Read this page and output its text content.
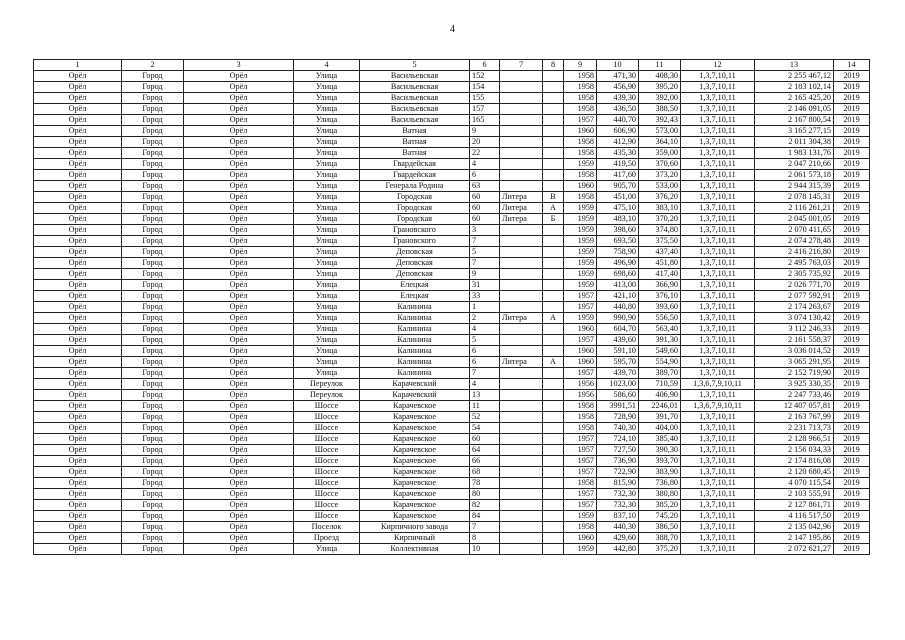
4
1	2	3	4	5	6	7	8	9	10	11	12	13	14
Орёл	Город	Орёл	Улица	Васильевская	152			1958	471,30	408,30	1,3,7,10,11	2 255 467,12	2019
Орёл	Город	Орёл	Улица	Васильевская	154			1958	456,90	395,20	1,3,7,10,11	2 183 102,14	2019
Орёл	Город	Орёл	Улица	Васильевская	155			1958	439,30	392,00	1,3,7,10,11	2 165 425,20	2019
Орёл	Город	Орёл	Улица	Васильевская	157			1958	436,50	388,50	1,3,7,10,11	2 146 091,05	2019
Орёл	Город	Орёл	Улица	Васильевская	165			1957	440,70	392,43	1,3,7,10,11	2 167 800,54	2019
Орёл	Город	Орёл	Улица	Ватная	9			1960	606,90	573,00	1,3,7,10,11	3 165 277,15	2019
Орёл	Город	Орёл	Улица	Ватная	20			1958	412,90	364,10	1,3,7,10,11	2 011 304,38	2019
Орёл	Город	Орёл	Улица	Ватная	22			1958	435,30	359,00	1,3,7,10,11	1 983 131,76	2019
Орёл	Город	Орёл	Улица	Гвардейская	4			1959	419,50	370,60	1,3,7,10,11	2 047 210,66	2019
Орёл	Город	Орёл	Улица	Гвардейская	6			1958	417,60	373,20	1,3,7,10,11	2 061 573,18	2019
Орёл	Город	Орёл	Улица	Генерала Родина	63			1960	905,70	533,00	1,3,7,10,11	2 944 315,39	2019
Орёл	Город	Орёл	Улица	Городская	60	Литера	В	1958	451,00	376,20	1,3,7,10,11	2 078 145,31	2019
Орёл	Город	Орёл	Улица	Городская	60	Литера	А	1959	475,10	383,10	1,3,7,10,11	2 116 261,21	2019
Орёл	Город	Орёл	Улица	Городская	60	Литера	Б	1959	483,10	370,20	1,3,7,10,11	2 045 001,05	2019
Орёл	Город	Орёл	Улица	Грановского	3			1959	398,60	374,80	1,3,7,10,11	2 070 411,65	2019
Орёл	Город	Орёл	Улица	Грановского	7			1959	693,50	375,50	1,3,7,10,11	2 074 278,48	2019
Орёл	Город	Орёл	Улица	Деповская	5			1959	758,90	437,40	1,3,7,10,11	2 416 216,80	2019
Орёл	Город	Орёл	Улица	Деповская	7			1959	496,90	451,80	1,3,7,10,11	2 495 763,03	2019
Орёл	Город	Орёл	Улица	Деповская	9			1959	698,60	417,40	1,3,7,10,11	2 305 735,92	2019
Орёл	Город	Орёл	Улица	Елецкая	31			1959	413,00	366,90	1,3,7,10,11	2 026 771,70	2019
Орёл	Город	Орёл	Улица	Елецкая	33			1957	421,10	376,10	1,3,7,10,11	2 077 592,91	2019
Орёл	Город	Орёл	Улица	Калинина	1			1957	440,80	393,60	1,3,7,10,11	2 174 263,67	2019
Орёл	Город	Орёл	Улица	Калинина	2	Литера	А	1959	990,90	556,50	1,3,7,10,11	3 074 130,42	2019
Орёл	Город	Орёл	Улица	Калинина	4			1960	604,70	563,40	1,3,7,10,11	3 112 246,33	2019
Орёл	Город	Орёл	Улица	Калинина	5			1957	439,60	391,30	1,3,7,10,11	2 161 558,37	2019
Орёл	Город	Орёл	Улица	Калинина	6			1960	591,10	549,60	1,3,7,10,11	3 036 014,52	2019
Орёл	Город	Орёл	Улица	Калинина	6	Литера	А	1960	595,70	554,90	1,3,7,10,11	3 065 291,95	2019
Орёл	Город	Орёл	Улица	Калинина	7			1957	439,70	389,70	1,3,7,10,11	2 152 719,90	2019
Орёл	Город	Орёл	Переулок	Карачевский	4			1956	1023,00	710,59	1,3,6,7,9,10,11	3 925 330,35	2019
Орёл	Город	Орёл	Переулок	Карачевский	13			1956	586,60	406,90	1,3,7,10,11	2 247 733,46	2019
Орёл	Город	Орёл	Шоссе	Карачевское	11			1958	3991,51	2246,01	1,3,6,7,9,10,11	12 407 057,81	2019
Орёл	Город	Орёл	Шоссе	Карачевское	52			1958	728,90	391,70	1,3,7,10,11	2 163 767,99	2019
Орёл	Город	Орёл	Шоссе	Карачевское	54			1958	740,30	404,00	1,3,7,10,11	2 231 713,73	2019
Орёл	Город	Орёл	Шоссе	Карачевское	60			1957	724,10	385,40	1,3,7,10,11	2 128 966,51	2019
Орёл	Город	Орёл	Шоссе	Карачевское	64			1957	727,50	390,30	1,3,7,10,11	2 156 034,33	2019
Орёл	Город	Орёл	Шоссе	Карачевское	66			1957	736,90	393,70	1,3,7,10,11	2 174 816,08	2019
Орёл	Город	Орёл	Шоссе	Карачевское	68			1957	722,90	383,90	1,3,7,10,11	2 120 680,45	2019
Орёл	Город	Орёл	Шоссе	Карачевское	78			1958	815,90	736,80	1,3,7,10,11	4 070 115,54	2019
Орёл	Город	Орёл	Шоссе	Карачевское	80			1957	732,30	380,80	1,3,7,10,11	2 103 555,91	2019
Орёл	Город	Орёл	Шоссе	Карачевское	82			1957	732,30	385,20	1,3,7,10,11	2 127 861,71	2019
Орёл	Город	Орёл	Шоссе	Карачевское	84			1959	837,10	745,20	1,3,7,10,11	4 116 517,50	2019
Орёл	Город	Орёл	Поселок	Кирпичного завода	7			1958	440,30	386,50	1,3,7,10,11	2 135 042,96	2019
Орёл	Город	Орёл	Проезд	Кирпичный	8			1960	429,60	388,70	1,3,7,10,11	2 147 195,86	2019
Орёл	Город	Орёл	Улица	Коллективная	10			1959	442,80	375,20	1,3,7,10,11	2 072 621,27	2019
